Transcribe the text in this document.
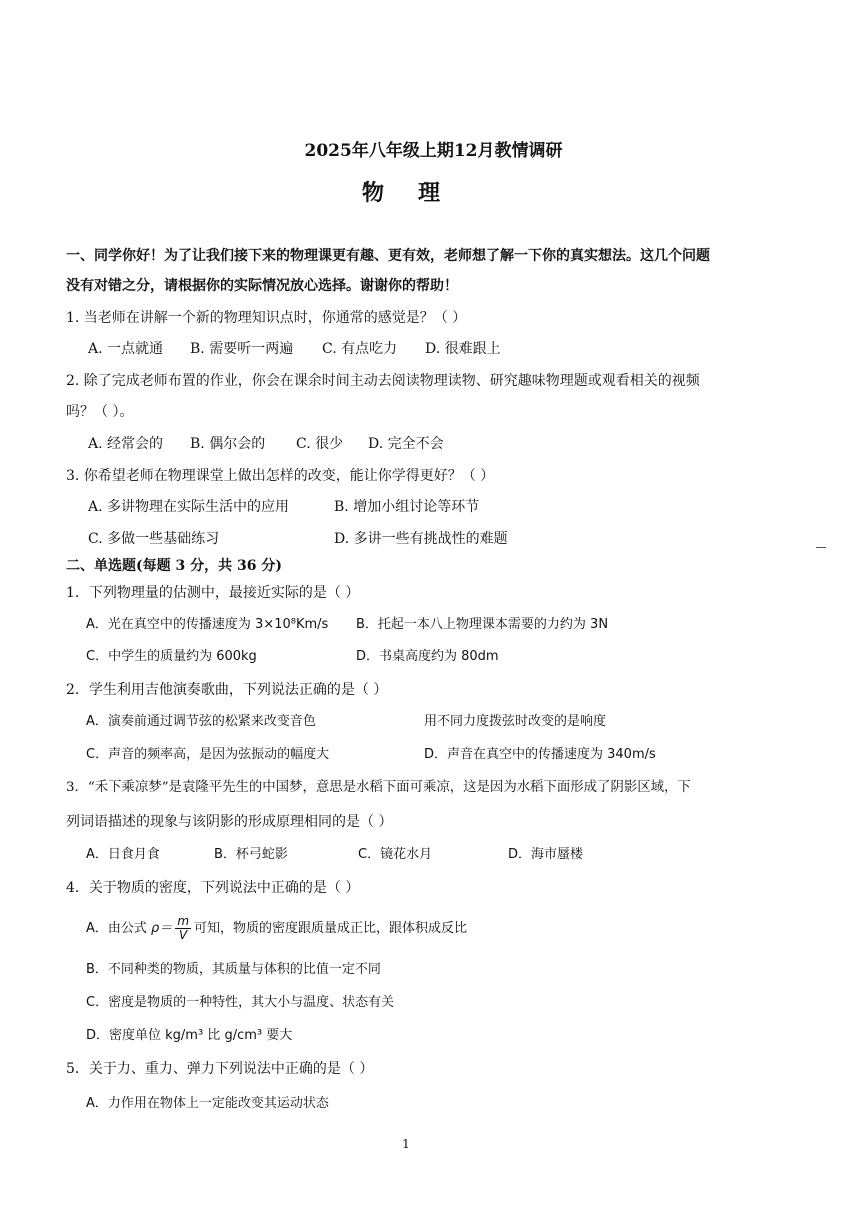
2025年八年级上期12月教情调研
物理
一、同学你好！为了让我们接下来的物理课更有趣、更有效，老师想了解一下你的真实想法。这几个问题
没有对错之分，请根据你的实际情况放心选择。谢谢你的帮助！
1. 当老师在讲解一个新的物理知识点时，你通常的感觉是？（ ）
A. 一点就通 B. 需要听一两遍 C. 有点吃力 D. 很难跟上
2. 除了完成老师布置的作业，你会在课余时间主动去阅读物理读物、研究趣味物理题或观看相关的视频
吗？（ ）。
A. 经常会的 B. 偶尔会的 C. 很少 D. 完全不会
3. 你希望老师在物理课堂上做出怎样的改变，能让你学得更好？（ ）
A. 多讲物理在实际生活中的应用	B. 增加小组讨论等环节
C. 多做一些基础练习	D. 多讲一些有挑战性的难题
二、单选题(每题 3 分，共 36 分)
1．下列物理量的估测中，最接近实际的是（ ）
A．光在真空中的传播速度为 3×10⁸Km/s B．托起一本八上物理课本需要的力约为 3N
C．中学生的质量约为 600kg	D．书桌高度约为 80dm
2．学生利用吉他演奏歌曲，下列说法正确的是（ ）
A．演奏前通过调节弦的松紧来改变音色	用不同力度拨弦时改变的是响度
C．声音的频率高，是因为弦振动的幅度大	D．声音在真空中的传播速度为 340m/s
3．“禾下乘凉梦”是袁隆平先生的中国梦，意思是水稻下面可乘凉，这是因为水稻下面形成了阴影区域，下
列词语描述的现象与该阴影的形成原理相同的是（ ）
A．日食月食	B．杯弓蛇影	C．镜花水月	D．海市蜃楼
4．关于物质的密度，下列说法中正确的是（ ）
A．由公式 $\rho= \frac{m}{V}$ 可知，物质的密度跟质量成正比，跟体积成反比
B．不同种类的物质，其质量与体积的比值一定不同
C．密度是物质的一种特性，其大小与温度、状态有关
D．密度单位 kg/m³ 比 g/cm³ 要大
5．关于力、重力、弹力下列说法中正确的是（ ）
A．力作用在物体上一定能改变其运动状态
1
